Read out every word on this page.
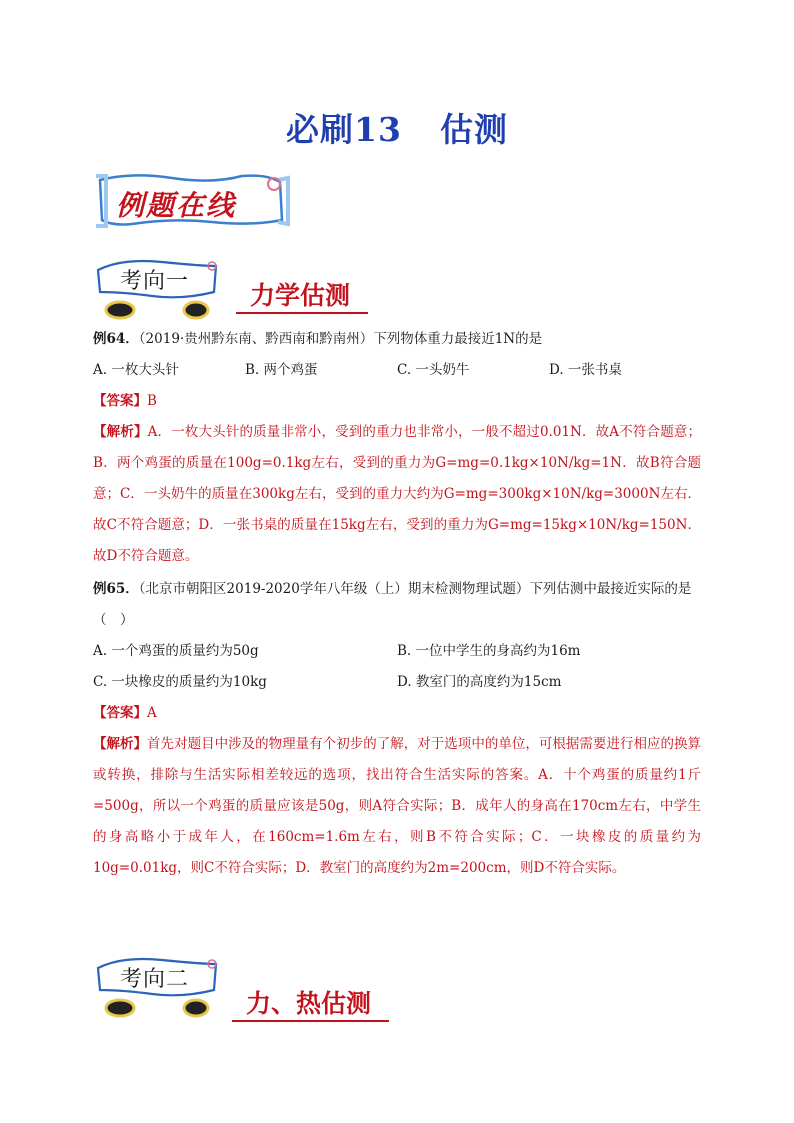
必刷13 估测
例题在线
考向一	力学估测
例64．（2019·贵州黔东南、黔西南和黔南州）下列物体重力最接近1N的是
A. 一枚大头针	B. 两个鸡蛋	C. 一头奶牛	D. 一张书桌
【答案】B
【解析】A．一枚大头针的质量非常小，受到的重力也非常小，一般不超过0.01N．故A不符合题意；B．两个鸡蛋的质量在100g=0.1kg左右，受到的重力为G=mg=0.1kg×10N/kg=1N．故B符合题意；C．一头奶牛的质量在300kg左右，受到的重力大约为G=mg=300kg×10N/kg=3000N左右．故C不符合题意；D．一张书桌的质量在15kg左右，受到的重力为G=mg=15kg×10N/kg=150N．故D不符合题意。
例65．（北京市朝阳区2019-2020学年八年级（上）期末检测物理试题）下列估测中最接近实际的是（　）
A. 一个鸡蛋的质量约为50g	B. 一位中学生的身高约为16m
C. 一块橡皮的质量约为10kg	D. 教室门的高度约为15cm
【答案】A
【解析】首先对题目中涉及的物理量有个初步的了解，对于选项中的单位，可根据需要进行相应的换算或转换，排除与生活实际相差较远的选项，找出符合生活实际的答案。A．十个鸡蛋的质量约1斤=500g，所以一个鸡蛋的质量应该是50g，则A符合实际；B．成年人的身高在170cm左右，中学生的身高略小于成年人，在160cm=1.6m左右，则B不符合实际；C．一块橡皮的质量约为10g=0.01kg，则C不符合实际；D．教室门的高度约为2m=200cm，则D不符合实际。
考向二
力、热估测
